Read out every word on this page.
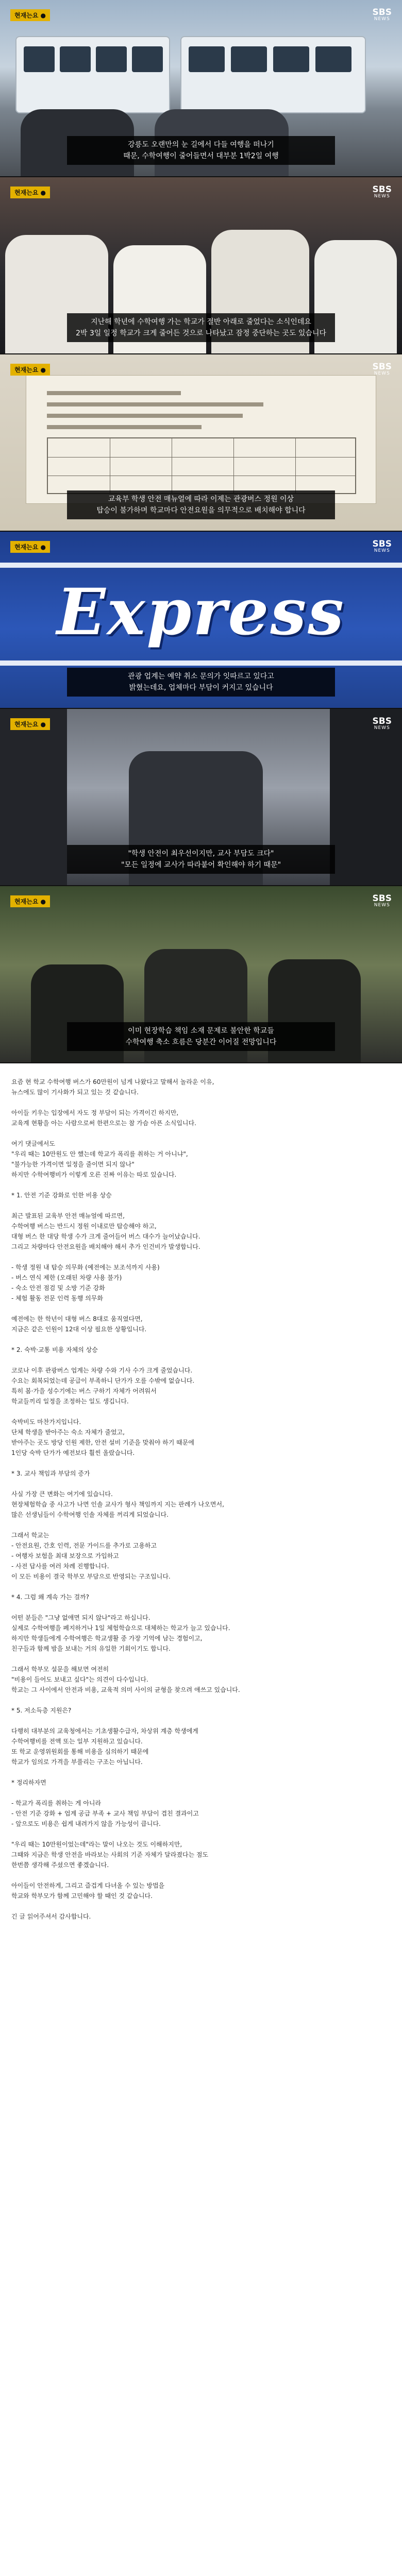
현재는요 ●	SBS
NEWS

강릉도 오랜만의 눈 길에서 다들 여행을 떠나기

때문, 수학여행이 줄어들면서 대부분 1박2일 여행

현재는요 ●	SBS
NEWS

지난해 학년에 수학여행 가는 학교가 절반 아래로 줄었다는 소식인데요

2박 3일 일정 학교가 크게 줄어든 것으로 나타났고 잠정 중단하는 곳도 있습니다

현재는요 ●	SBS
NEWS

교육부 학생 안전 매뉴얼에 따라 이제는 관광버스 정원 이상

탑승이 불가하며 학교마다 안전요원을 의무적으로 배치해야 합니다

Express
현재는요 ●	SBS
NEWS

관광 업계는 예약 취소 문의가 잇따르고 있다고

밝혔는데요, 업체마다 부담이 커지고 있습니다

현재는요 ●	SBS
NEWS

"학생 안전이 최우선이지만, 교사 부담도 크다"

"모든 일정에 교사가 따라붙어 확인해야 하기 때문"

현재는요 ●	SBS
NEWS

이미 현장학습 책임 소재 문제로 불안한 학교들

수학여행 축소 흐름은 당분간 이어질 전망입니다

요즘 현 학교 수학여행 버스가 60만원이 넘게 나왔다고 말해서 놀라운 이유,

뉴스에도 많이 기사화가 되고 있는 것 같습니다.

아이들 키우는 입장에서 자도 정 부담이 되는 가격이긴 하지만,

교육계 현황을 아는 사람으로써 한편으로는 참 가슴 아픈 소식입니다.

여기 댓글에서도

"우리 때는 10만원도 안 했는데 학교가 폭리를 취하는 거 아니냐",

"불가능한 가격이면 일정을 줄이면 되지 않나"

하지만 수학여행비가 이렇게 오른 진짜 이유는 따로 있습니다.

* 1. 안전 기준 강화로 인한 비용 상승

최근 발표된 교육부 안전 매뉴얼에 따르면,

수학여행 버스는 반드시 정원 이내로만 탑승해야 하고,

대형 버스 한 대당 학생 수가 크게 줄어들어 버스 대수가 늘어났습니다.

그리고 차량마다 안전요원을 배치해야 해서 추가 인건비가 발생합니다.

- 학생 정원 내 탑승 의무화 (예전에는 보조석까지 사용)

- 버스 연식 제한 (오래된 차량 사용 불가)

- 숙소 안전 점검 및 소방 기준 강화

- 체험 활동 전문 인력 동행 의무화

예전에는 한 학년이 대형 버스 8대로 움직였다면,

지금은 같은 인원이 12대 이상 필요한 상황입니다.

* 2. 숙박·교통 비용 자체의 상승

코로나 이후 관광버스 업계는 차량 수와 기사 수가 크게 줄었습니다.

수요는 회복되었는데 공급이 부족하니 단가가 오를 수밖에 없습니다.

특히 봄·가을 성수기에는 버스 구하기 자체가 어려워서

학교들끼리 일정을 조정하는 일도 생깁니다.

숙박비도 마찬가지입니다.

단체 학생을 받아주는 숙소 자체가 줄었고,

받아주는 곳도 방당 인원 제한, 안전 설비 기준을 맞춰야 하기 때문에

1인당 숙박 단가가 예전보다 훨씬 올랐습니다.

* 3. 교사 책임과 부담의 증가

사실 가장 큰 변화는 여기에 있습니다.

현장체험학습 중 사고가 나면 인솔 교사가 형사 책임까지 지는 판례가 나오면서,

많은 선생님들이 수학여행 인솔 자체를 꺼리게 되었습니다.

그래서 학교는

- 안전요원, 간호 인력, 전문 가이드를 추가로 고용하고

- 여행자 보험을 최대 보장으로 가입하고

- 사전 답사를 여러 차례 진행합니다.

이 모든 비용이 결국 학부모 부담으로 반영되는 구조입니다.

* 4. 그럼 왜 계속 가는 걸까?

어떤 분들은 "그냥 없애면 되지 않나"라고 하십니다.

실제로 수학여행을 폐지하거나 1일 체험학습으로 대체하는 학교가 늘고 있습니다.

하지만 학생들에게 수학여행은 학교생활 중 가장 기억에 남는 경험이고,

친구들과 함께 밤을 보내는 거의 유일한 기회이기도 합니다.

그래서 학부모 설문을 해보면 여전히

"비용이 들어도 보내고 싶다"는 의견이 다수입니다.

학교는 그 사이에서 안전과 비용, 교육적 의미 사이의 균형을 찾으려 애쓰고 있습니다.

* 5. 저소득층 지원은?

다행히 대부분의 교육청에서는 기초생활수급자, 차상위 계층 학생에게

수학여행비를 전액 또는 일부 지원하고 있습니다.

또 학교 운영위원회를 통해 비용을 심의하기 때문에

학교가 임의로 가격을 부풀리는 구조는 아닙니다.

* 정리하자면

- 학교가 폭리를 취하는 게 아니라

- 안전 기준 강화 + 업계 공급 부족 + 교사 책임 부담이 겹친 결과이고

- 앞으로도 비용은 쉽게 내려가지 않을 가능성이 큽니다.

"우리 때는 10만원이었는데"라는 말이 나오는 것도 이해하지만,

그때와 지금은 학생 안전을 바라보는 사회의 기준 자체가 달라졌다는 점도

한번쯤 생각해 주셨으면 좋겠습니다.

아이들이 안전하게, 그리고 즐겁게 다녀올 수 있는 방법을

학교와 학부모가 함께 고민해야 할 때인 것 같습니다.

긴 글 읽어주셔서 감사합니다.
